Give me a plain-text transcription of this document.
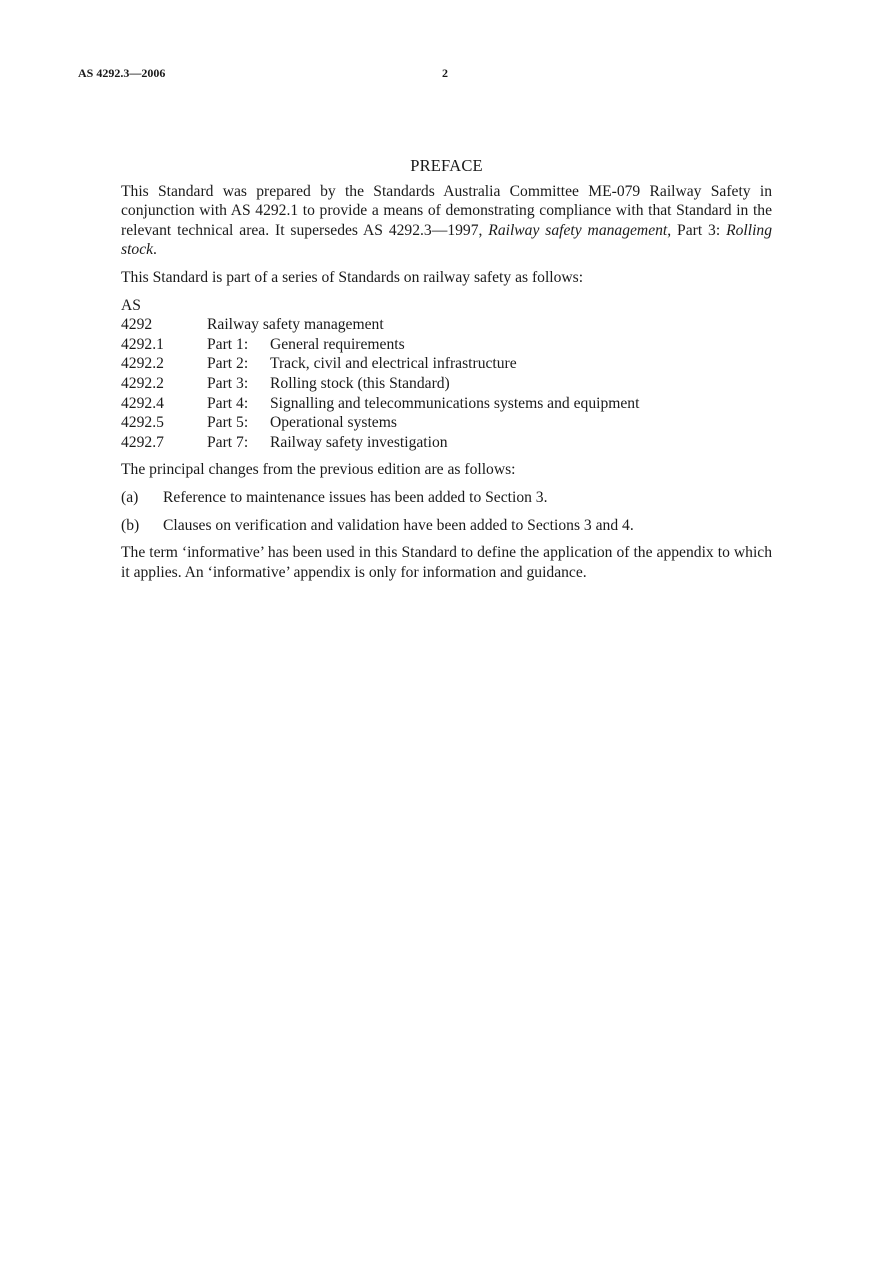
AS 4292.3—2006	2
PREFACE

This Standard was prepared by the Standards Australia Committee ME-079 Railway Safety in conjunction with AS 4292.1 to provide a means of demonstrating compliance with that Standard in the relevant technical area. It supersedes AS 4292.3—1997, Railway safety management, Part 3: Rolling stock.

This Standard is part of a series of Standards on railway safety as follows:

AS
4292	Railway safety management
4292.1	Part 1:	General requirements
4292.2	Part 2:	Track, civil and electrical infrastructure
4292.2	Part 3:	Rolling stock (this Standard)
4292.4	Part 4:	Signalling and telecommunications systems and equipment
4292.5	Part 5:	Operational systems
4292.7	Part 7:	Railway safety investigation

The principal changes from the previous edition are as follows:

(a)	Reference to maintenance issues has been added to Section 3.
(b)	Clauses on verification and validation have been added to Sections 3 and 4.

The term ‘informative’ has been used in this Standard to define the application of the appendix to which it applies. An ‘informative’ appendix is only for information and guidance.
